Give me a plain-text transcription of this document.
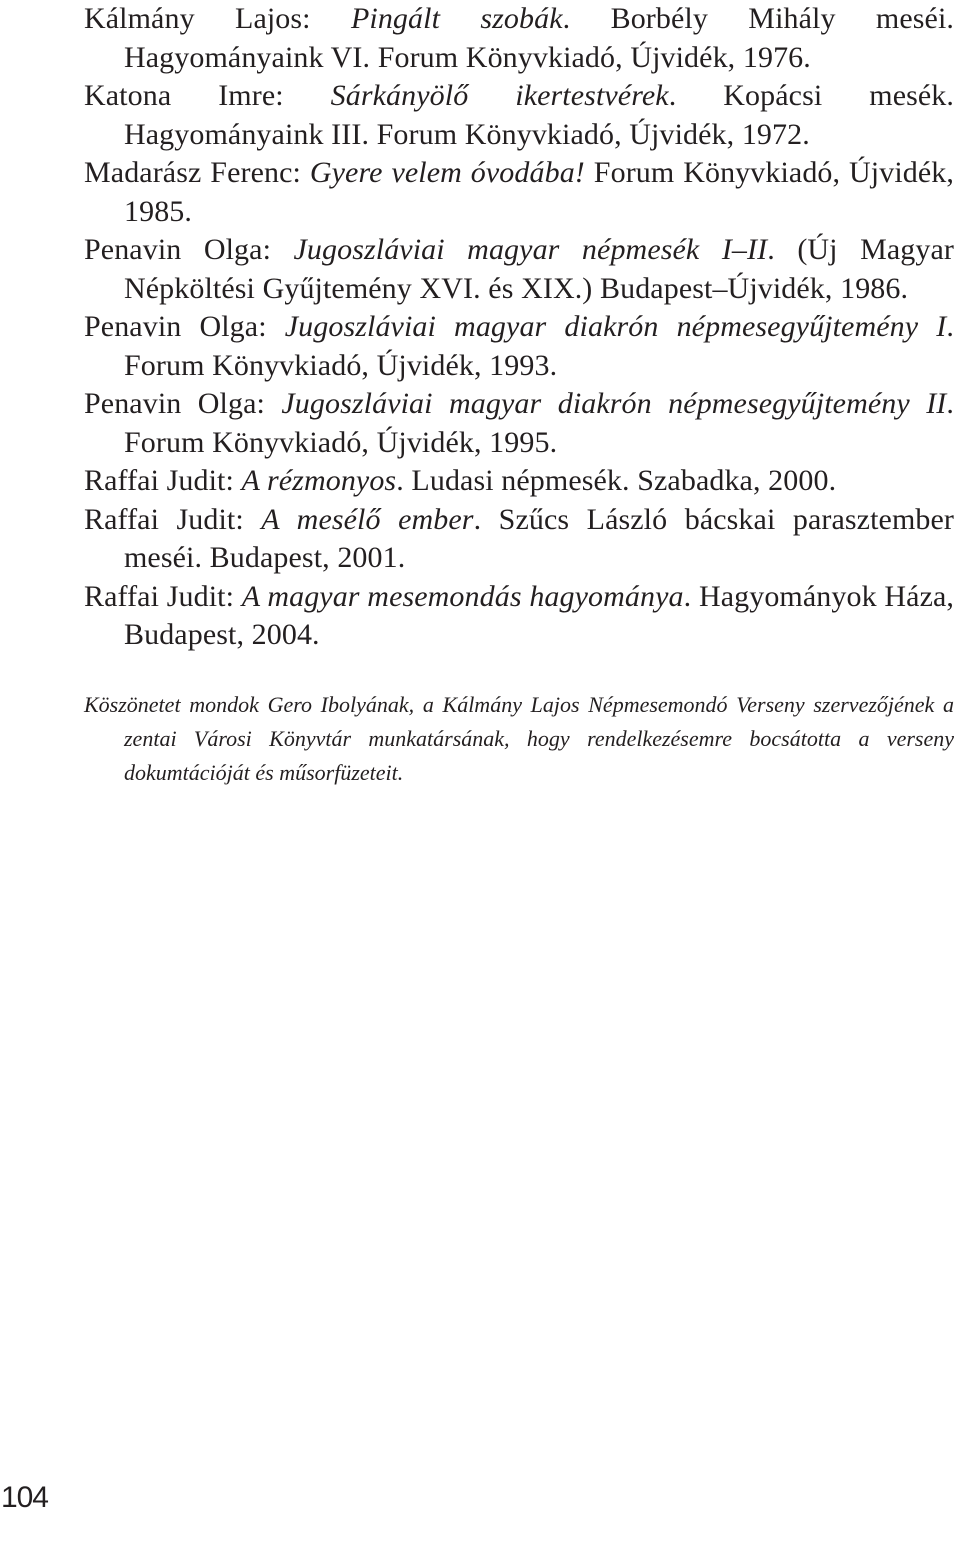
Kálmány Lajos: Pingált szobák. Borbély Mihály meséi. Hagyományaink VI. Forum Könyvkiadó, Újvidék, 1976.

Katona Imre: Sárkányölő ikertestvérek. Kopácsi mesék. Hagyományaink III. Forum Könyvkiadó, Újvidék, 1972.

Madarász Ferenc: Gyere velem óvodába! Forum Könyvkiadó, Újvidék, 1985.

Penavin Olga: Jugoszláviai magyar népmesék I–II. (Új Magyar Népköltési Gyűjtemény XVI. és XIX.) Budapest–Újvidék, 1986.

Penavin Olga: Jugoszláviai magyar diakrón népmesegyűjtemény I. Forum Könyvkiadó, Újvidék, 1993.

Penavin Olga: Jugoszláviai magyar diakrón népmesegyűjtemény II. Forum Könyvkiadó, Újvidék, 1995.

Raffai Judit: A rézmonyos. Ludasi népmesék. Szabadka, 2000.

Raffai Judit: A mesélő ember. Szűcs László bácskai parasztember meséi. Budapest, 2001.

Raffai Judit: A magyar mesemondás hagyománya. Hagyományok Háza, Budapest, 2004.

Köszönetet mondok Gero Ibolyának, a Kálmány Lajos Népmesemondó Verseny szervezőjének a zentai Városi Könyvtár munkatársának, hogy rendelkezésemre bocsátotta a verseny dokumtációját és műsorfüzeteit.

104
